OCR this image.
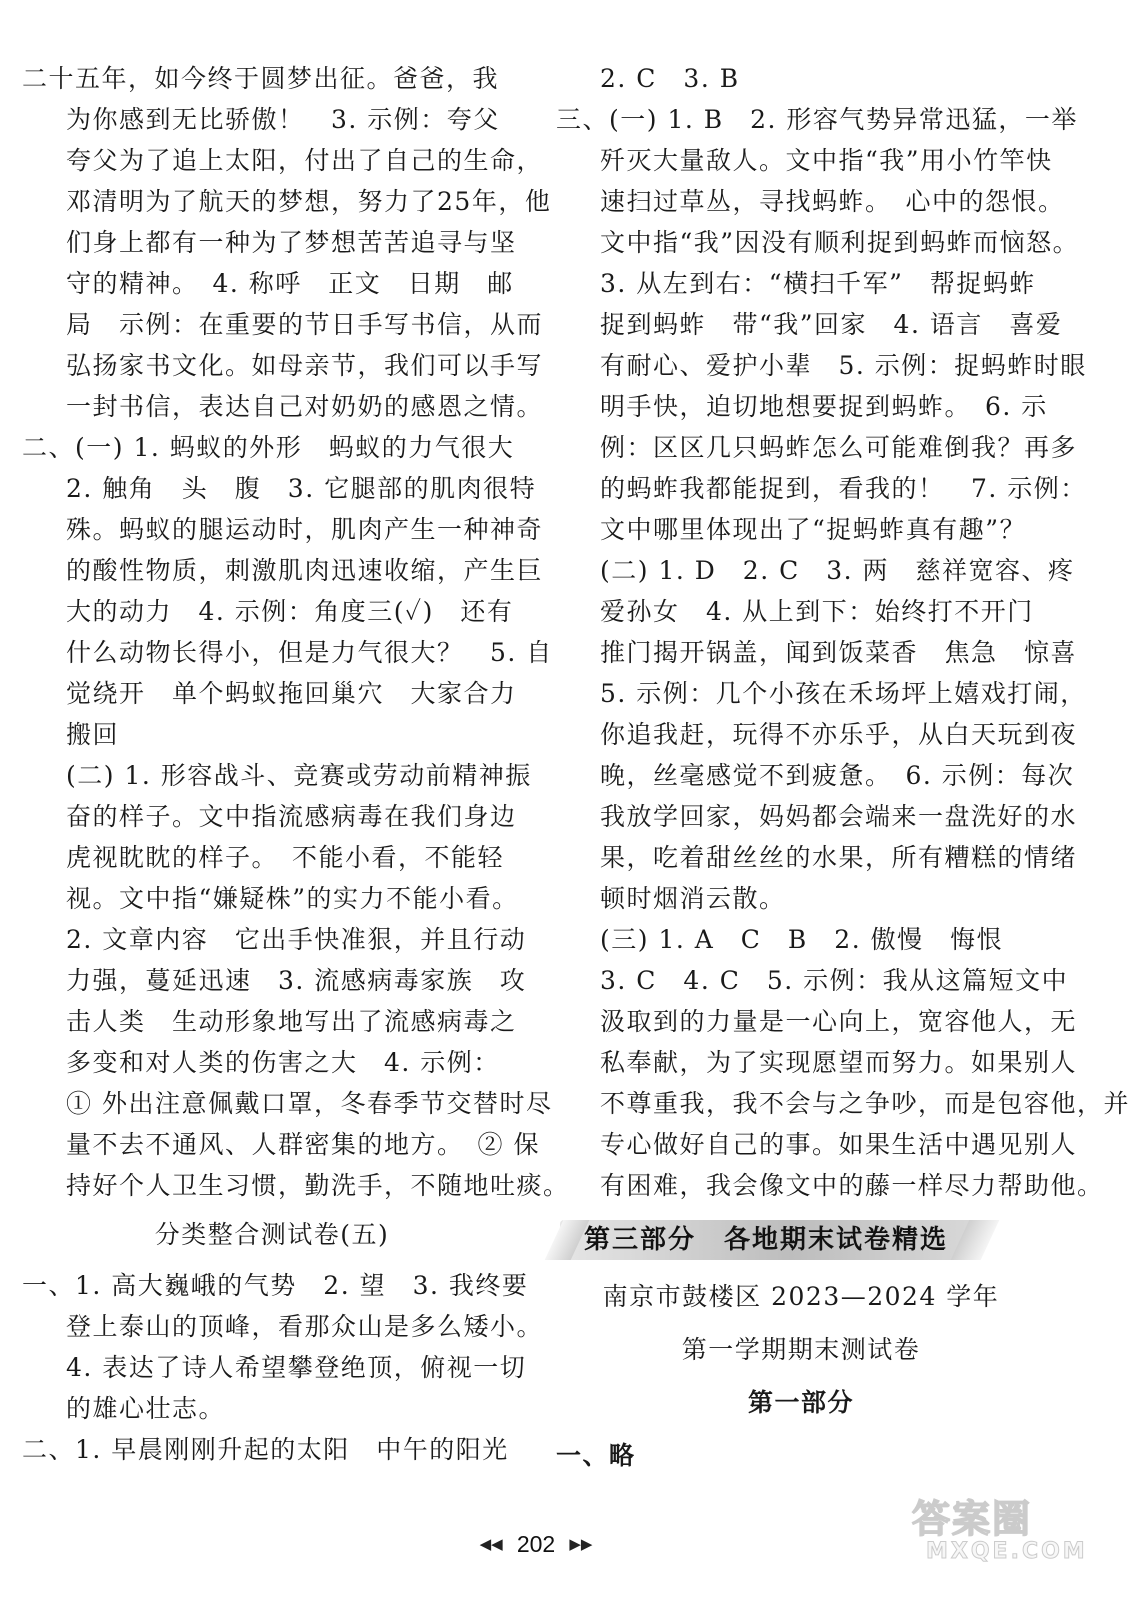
二十五年，如今终于圆梦出征。爸爸，我
为你感到无比骄傲！　3. 示例：夸父
夸父为了追上太阳，付出了自己的生命，
邓清明为了航天的梦想，努力了25年，他
们身上都有一种为了梦想苦苦追寻与坚
守的精神。　4. 称呼　正文　日期　邮
局　示例：在重要的节日手写书信，从而
弘扬家书文化。如母亲节，我们可以手写
一封书信，表达自己对奶奶的感恩之情。
二、(一) 1. 蚂蚁的外形　蚂蚁的力气很大
2. 触角　头　腹　3. 它腿部的肌肉很特
殊。蚂蚁的腿运动时，肌肉产生一种神奇
的酸性物质，刺激肌肉迅速收缩，产生巨
大的动力　4. 示例：角度三(✓)　还有
什么动物长得小，但是力气很大？　5. 自
觉绕开　单个蚂蚁拖回巢穴　大家合力
搬回
(二) 1. 形容战斗、竞赛或劳动前精神振
奋的样子。文中指流感病毒在我们身边
虎视眈眈的样子。　不能小看，不能轻
视。文中指“嫌疑株”的实力不能小看。
2. 文章内容　它出手快准狠，并且行动
力强，蔓延迅速　3. 流感病毒家族　攻
击人类　生动形象地写出了流感病毒之
多变和对人类的伤害之大　4. 示例：
① 外出注意佩戴口罩，冬春季节交替时尽
量不去不通风、人群密集的地方。　② 保
持好个人卫生习惯，勤洗手，不随地吐痰。
分类整合测试卷(五)
一、1. 高大巍峨的气势　2. 望　3. 我终要
登上泰山的顶峰，看那众山是多么矮小。
4. 表达了诗人希望攀登绝顶，俯视一切
的雄心壮志。
二、1. 早晨刚刚升起的太阳　中午的阳光
2. C　3. B
三、(一) 1. B　2. 形容气势异常迅猛，一举
歼灭大量敌人。文中指“我”用小竹竿快
速扫过草丛，寻找蚂蚱。　心中的怨恨。
文中指“我”因没有顺利捉到蚂蚱而恼怒。
3. 从左到右：“横扫千军”　帮捉蚂蚱
捉到蚂蚱　带“我”回家　4. 语言　喜爱
有耐心、爱护小辈　5. 示例：捉蚂蚱时眼
明手快，迫切地想要捉到蚂蚱。　6. 示
例：区区几只蚂蚱怎么可能难倒我？再多
的蚂蚱我都能捉到，看我的！　7. 示例：
文中哪里体现出了“捉蚂蚱真有趣”？
(二) 1. D　2. C　3. 两　慈祥宽容、疼
爱孙女　4. 从上到下：始终打不开门
推门揭开锅盖，闻到饭菜香　焦急　惊喜
5. 示例：几个小孩在禾场坪上嬉戏打闹，
你追我赶，玩得不亦乐乎，从白天玩到夜
晚，丝毫感觉不到疲惫。　6. 示例：每次
我放学回家，妈妈都会端来一盘洗好的水
果，吃着甜丝丝的水果，所有糟糕的情绪
顿时烟消云散。
(三) 1. A　C　B　2. 傲慢　悔恨
3. C　4. C　5. 示例：我从这篇短文中
汲取到的力量是一心向上，宽容他人，无
私奉献，为了实现愿望而努力。如果别人
不尊重我，我不会与之争吵，而是包容他，并
专心做好自己的事。如果生活中遇见别人
有困难，我会像文中的藤一样尽力帮助他。
第三部分　各地期末试卷精选
南京市鼓楼区 2023—2024 学年
第一学期期末测试卷
第一部分
一、略
◀◀ 202 ▶▶
答案圈
MXQE.COM
